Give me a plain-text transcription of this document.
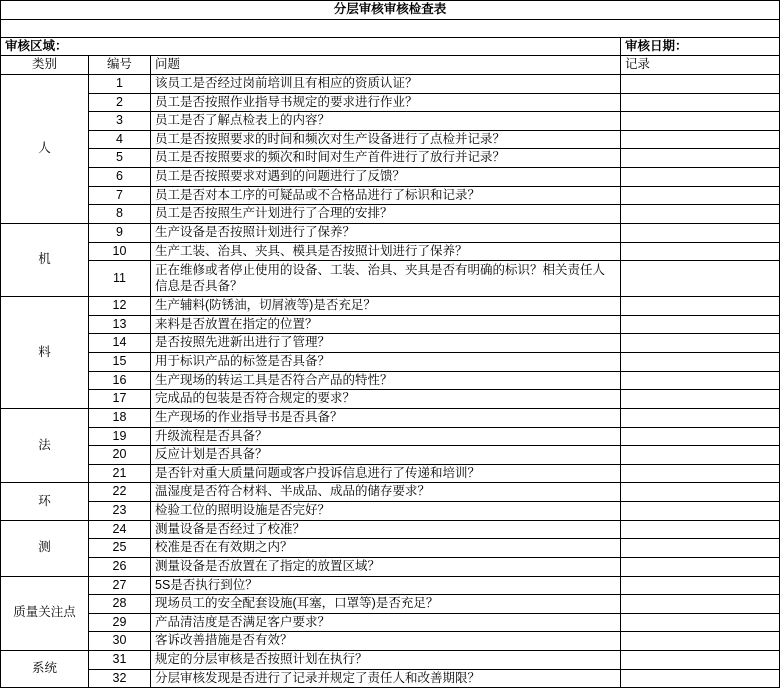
分层审核审核检查表			

审核区域：			审核日期：
类别	编号	问题	记录
人	1	该员工是否经过岗前培训且有相应的资质认证？	
	2	员工是否按照作业指导书规定的要求进行作业？	
	3	员工是否了解点检表上的内容？	
	4	员工是否按照要求的时间和频次对生产设备进行了点检并记录？	
	5	员工是否按照要求的频次和时间对生产首件进行了放行并记录？	
	6	员工是否按照要求对遇到的问题进行了反馈？	
	7	员工是否对本工序的可疑品或不合格品进行了标识和记录？	
	8	员工是否按照生产计划进行了合理的安排？	
机	9	生产设备是否按照计划进行了保养？	
	10	生产工装、治具、夹具、模具是否按照计划进行了保养？	
	11	正在维修或者停止使用的设备、工装、治具、夹具是否有明确的标识？相关责任人信息是否具备？	
料	12	生产辅料(防锈油，切屑液等)是否充足？	
	13	来料是否放置在指定的位置？	
	14	是否按照先进新出进行了管理？	
	15	用于标识产品的标签是否具备？	
	16	生产现场的转运工具是否符合产品的特性？	
	17	完成品的包装是否符合规定的要求？	
法	18	生产现场的作业指导书是否具备？	
	19	升级流程是否具备？	
	20	反应计划是否具备？	
	21	是否针对重大质量问题或客户投诉信息进行了传递和培训？	
环	22	温湿度是否符合材料、半成品、成品的储存要求？	
	23	检验工位的照明设施是否完好？	
测	24	测量设备是否经过了校准？	
	25	校准是否在有效期之内？	
	26	测量设备是否放置在了指定的放置区域？	
质量关注点	27	5S是否执行到位？	
	28	现场员工的安全配套设施(耳塞，口罩等)是否充足？	
	29	产品清洁度是否满足客户要求？	
	30	客诉改善措施是否有效？	
系统	31	规定的分层审核是否按照计划在执行？	
	32	分层审核发现是否进行了记录并规定了责任人和改善期限？	
